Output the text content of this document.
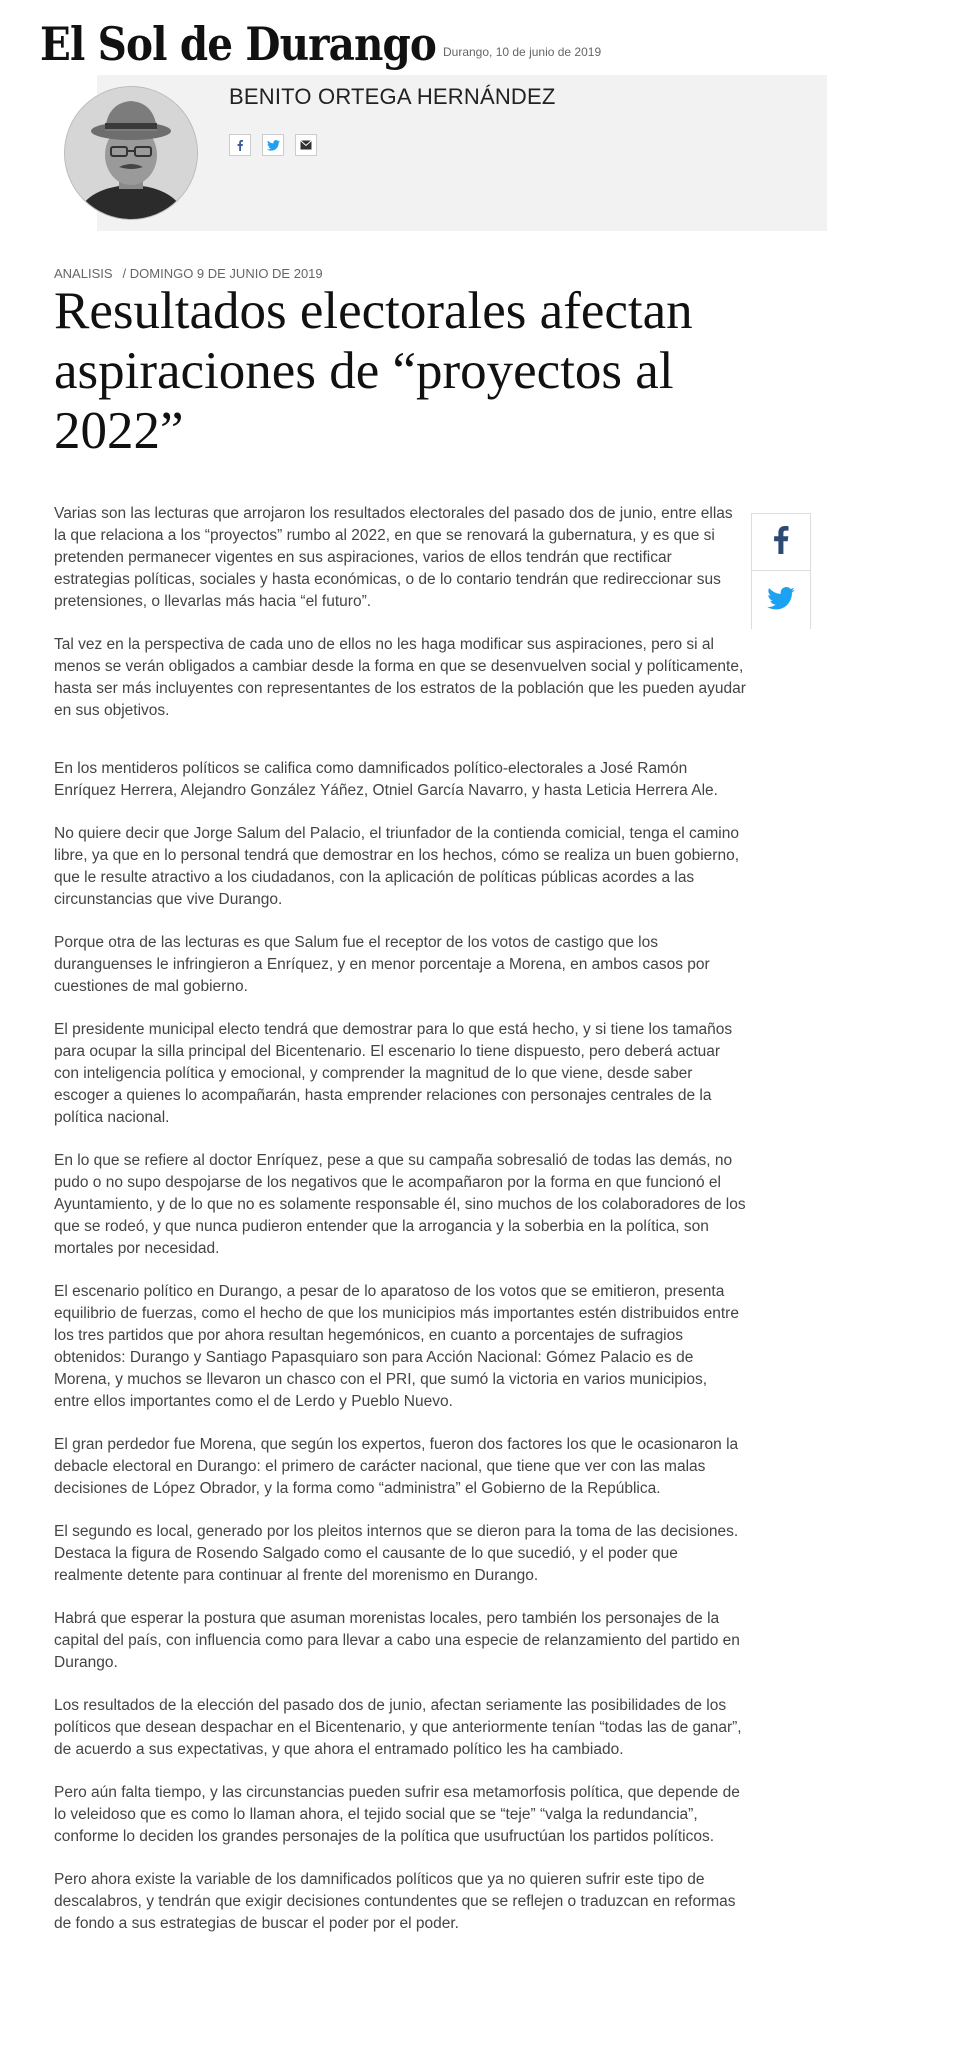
El Sol de Durango Durango, 10 de junio de 2019
BENITO ORTEGA HERNÁNDEZ
ANALISIS / DOMINGO 9 DE JUNIO DE 2019
Resultados electorales afectan aspiraciones de “proyectos al 2022”

Varias son las lecturas que arrojaron los resultados electorales del pasado dos de junio, entre ellas la que relaciona a los “proyectos” rumbo al 2022, en que se renovará la gubernatura, y es que si pretenden permanecer vigentes en sus aspiraciones, varios de ellos tendrán que rectificar estrategias políticas, sociales y hasta económicas, o de lo contario tendrán que redireccionar sus pretensiones, o llevarlas más hacia “el futuro”.

Tal vez en la perspectiva de cada uno de ellos no les haga modificar sus aspiraciones, pero si al menos se verán obligados a cambiar desde la forma en que se desenvuelven social y políticamente, hasta ser más incluyentes con representantes de los estratos de la población que les pueden ayudar en sus objetivos.

En los mentideros políticos se califica como damnificados político-electorales a José Ramón Enríquez Herrera, Alejandro González Yáñez, Otniel García Navarro, y hasta Leticia Herrera Ale.

No quiere decir que Jorge Salum del Palacio, el triunfador de la contienda comicial, tenga el camino libre, ya que en lo personal tendrá que demostrar en los hechos, cómo se realiza un buen gobierno, que le resulte atractivo a los ciudadanos, con la aplicación de políticas públicas acordes a las circunstancias que vive Durango.

Porque otra de las lecturas es que Salum fue el receptor de los votos de castigo que los duranguenses le infringieron a Enríquez, y en menor porcentaje a Morena, en ambos casos por cuestiones de mal gobierno.

El presidente municipal electo tendrá que demostrar para lo que está hecho, y si tiene los tamaños para ocupar la silla principal del Bicentenario. El escenario lo tiene dispuesto, pero deberá actuar con inteligencia política y emocional, y comprender la magnitud de lo que viene, desde saber escoger a quienes lo acompañarán, hasta emprender relaciones con personajes centrales de la política nacional.

En lo que se refiere al doctor Enríquez, pese a que su campaña sobresalió de todas las demás, no pudo o no supo despojarse de los negativos que le acompañaron por la forma en que funcionó el Ayuntamiento, y de lo que no es solamente responsable él, sino muchos de los colaboradores de los que se rodeó, y que nunca pudieron entender que la arrogancia y la soberbia en la política, son mortales por necesidad.

El escenario político en Durango, a pesar de lo aparatoso de los votos que se emitieron, presenta equilibrio de fuerzas, como el hecho de que los municipios más importantes estén distribuidos entre los tres partidos que por ahora resultan hegemónicos, en cuanto a porcentajes de sufragios obtenidos: Durango y Santiago Papasquiaro son para Acción Nacional: Gómez Palacio es de Morena, y muchos se llevaron un chasco con el PRI, que sumó la victoria en varios municipios, entre ellos importantes como el de Lerdo y Pueblo Nuevo.

El gran perdedor fue Morena, que según los expertos, fueron dos factores los que le ocasionaron la debacle electoral en Durango: el primero de carácter nacional, que tiene que ver con las malas decisiones de López Obrador, y la forma como “administra” el Gobierno de la República.

El segundo es local, generado por los pleitos internos que se dieron para la toma de las decisiones. Destaca la figura de Rosendo Salgado como el causante de lo que sucedió, y el poder que realmente detente para continuar al frente del morenismo en Durango.

Habrá que esperar la postura que asuman morenistas locales, pero también los personajes de la capital del país, con influencia como para llevar a cabo una especie de relanzamiento del partido en Durango.

Los resultados de la elección del pasado dos de junio, afectan seriamente las posibilidades de los políticos que desean despachar en el Bicentenario, y que anteriormente tenían “todas las de ganar”, de acuerdo a sus expectativas, y que ahora el entramado político les ha cambiado.

Pero aún falta tiempo, y las circunstancias pueden sufrir esa metamorfosis política, que depende de lo veleidoso que es como lo llaman ahora, el tejido social que se “teje” “valga la redundancia”, conforme lo deciden los grandes personajes de la política que usufructúan los partidos políticos.

Pero ahora existe la variable de los damnificados políticos que ya no quieren sufrir este tipo de descalabros, y tendrán que exigir decisiones contundentes que se reflejen o traduzcan en reformas de fondo a sus estrategias de buscar el poder por el poder.
